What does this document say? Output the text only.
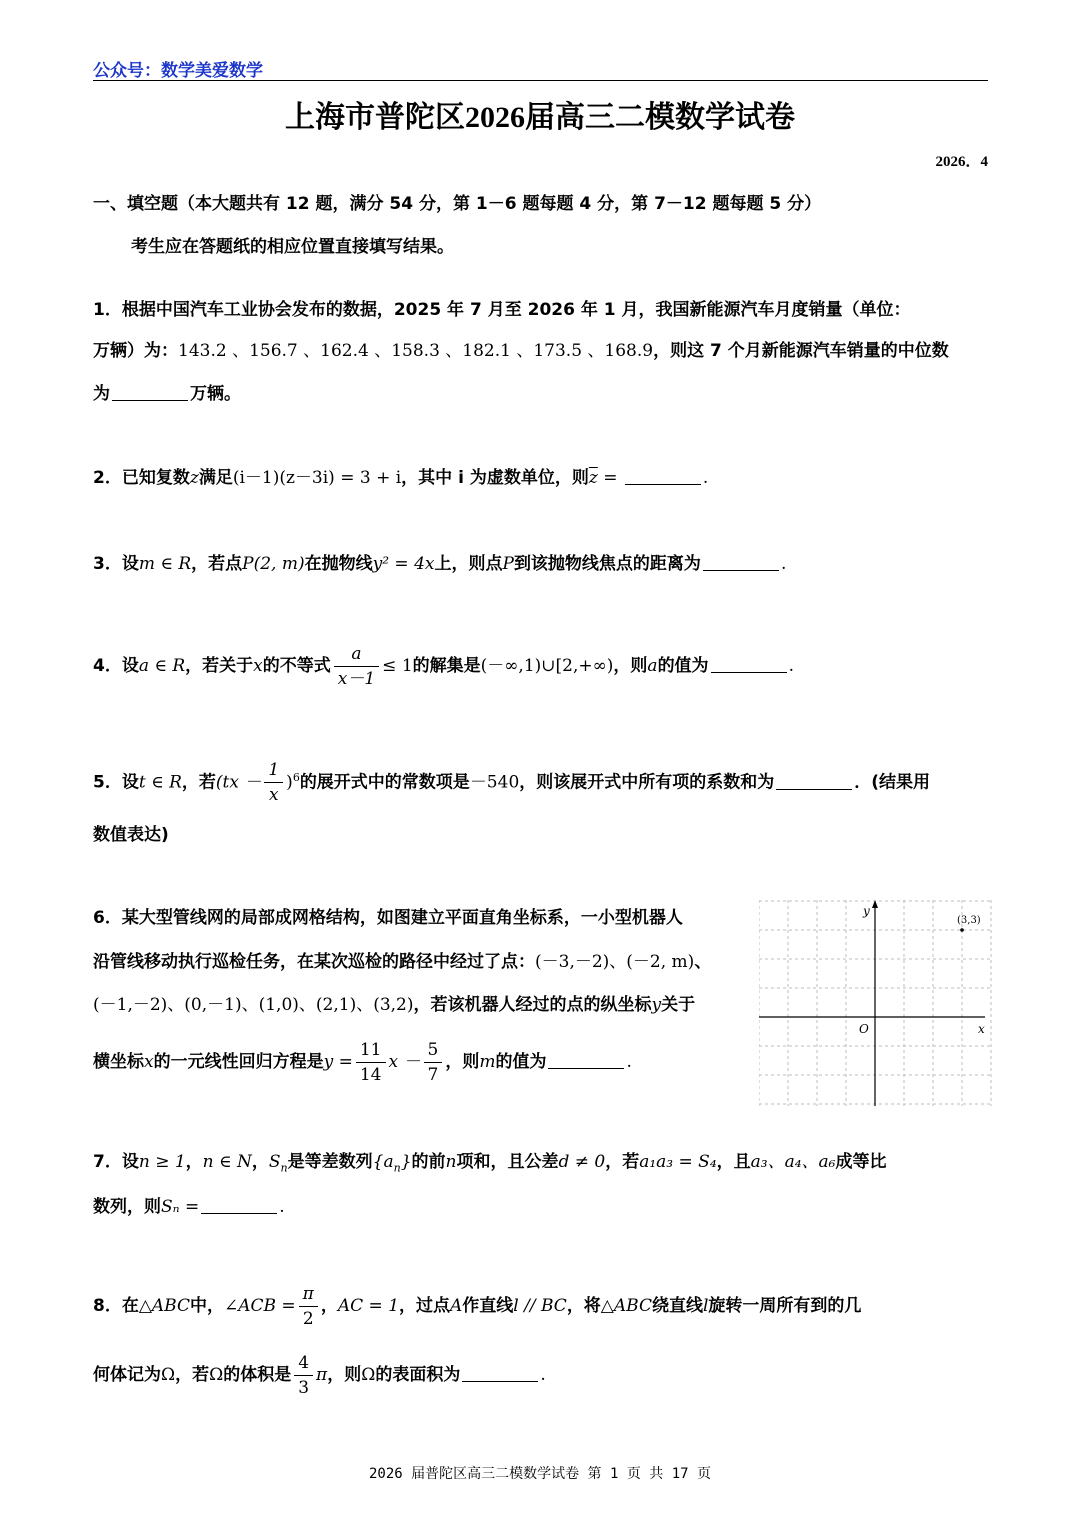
公众号：数学美爱数学
上海市普陀区2026届高三二模数学试卷
2026．4
一、填空题（本大题共有 12 题，满分 54 分，第 1－6 题每题 4 分，第 7－12 题每题 5 分）
考生应在答题纸的相应位置直接填写结果。
1．根据中国汽车工业协会发布的数据，2025 年 7 月至 2026 年 1 月，我国新能源汽车月度销量（单位：
万辆）为：143.2 、156.7 、162.4 、158.3 、182.1 、173.5 、168.9，则这 7 个月新能源汽车销量的中位数
为	万辆。
2．已知复数z满足(i－1)(z－3i) = 3 + i，其中 i 为虚数单位，则$\overline{z}$ =	.
3．设m ∈ R，若点P(2, m)在抛物线y² = 4x上，则点P到该抛物线焦点的距离为	.
4．设a ∈ R，若关于x的不等式 $\frac{a}{x-1} \le 1$的解集是(－∞,1)∪[2,+∞)，则a的值为	.
5．设t ∈ R，若$(tx - \frac{1}{x} )^6$的展开式中的常数项是－540，则该展开式中所有项的系数和为	．(结果用
数值表达)
6．某大型管线网的局部成网格结构，如图建立平面直角坐标系，一小型机器人
沿管线移动执行巡检任务，在某次巡检的路径中经过了点：(－3,－2)、(－2, m)、
(－1,－2)、(0,－1)、(1,0)、(2,1)、(3,2)，若该机器人经过的点的纵坐标y关于
横坐标x的一元线性回归方程是$y = \frac{11}{14}$ $x - \frac{5}{7}$ ，则m的值为	.
y
x
O
(3,3)
7．设n ≥ 1，n ∈ N，$S_n$是等差数列$\{a_n\}$的前n项和，且公差d ≠ 0，若a₁a₃ = S₄，且a₃、a₄、a₆成等比
数列，则Sₙ =	.
8．在△ABC中，∠ACB = $\frac{\pi}{2}$ ，AC = 1，过点A作直线l // BC，将△ABC绕直线l旋转一周所有到的几
何体记为Ω，若Ω的体积是 $\frac{4}{3}$ π，则Ω的表面积为	.
2026 届普陀区高三二模数学试卷 第 1 页 共 17 页
